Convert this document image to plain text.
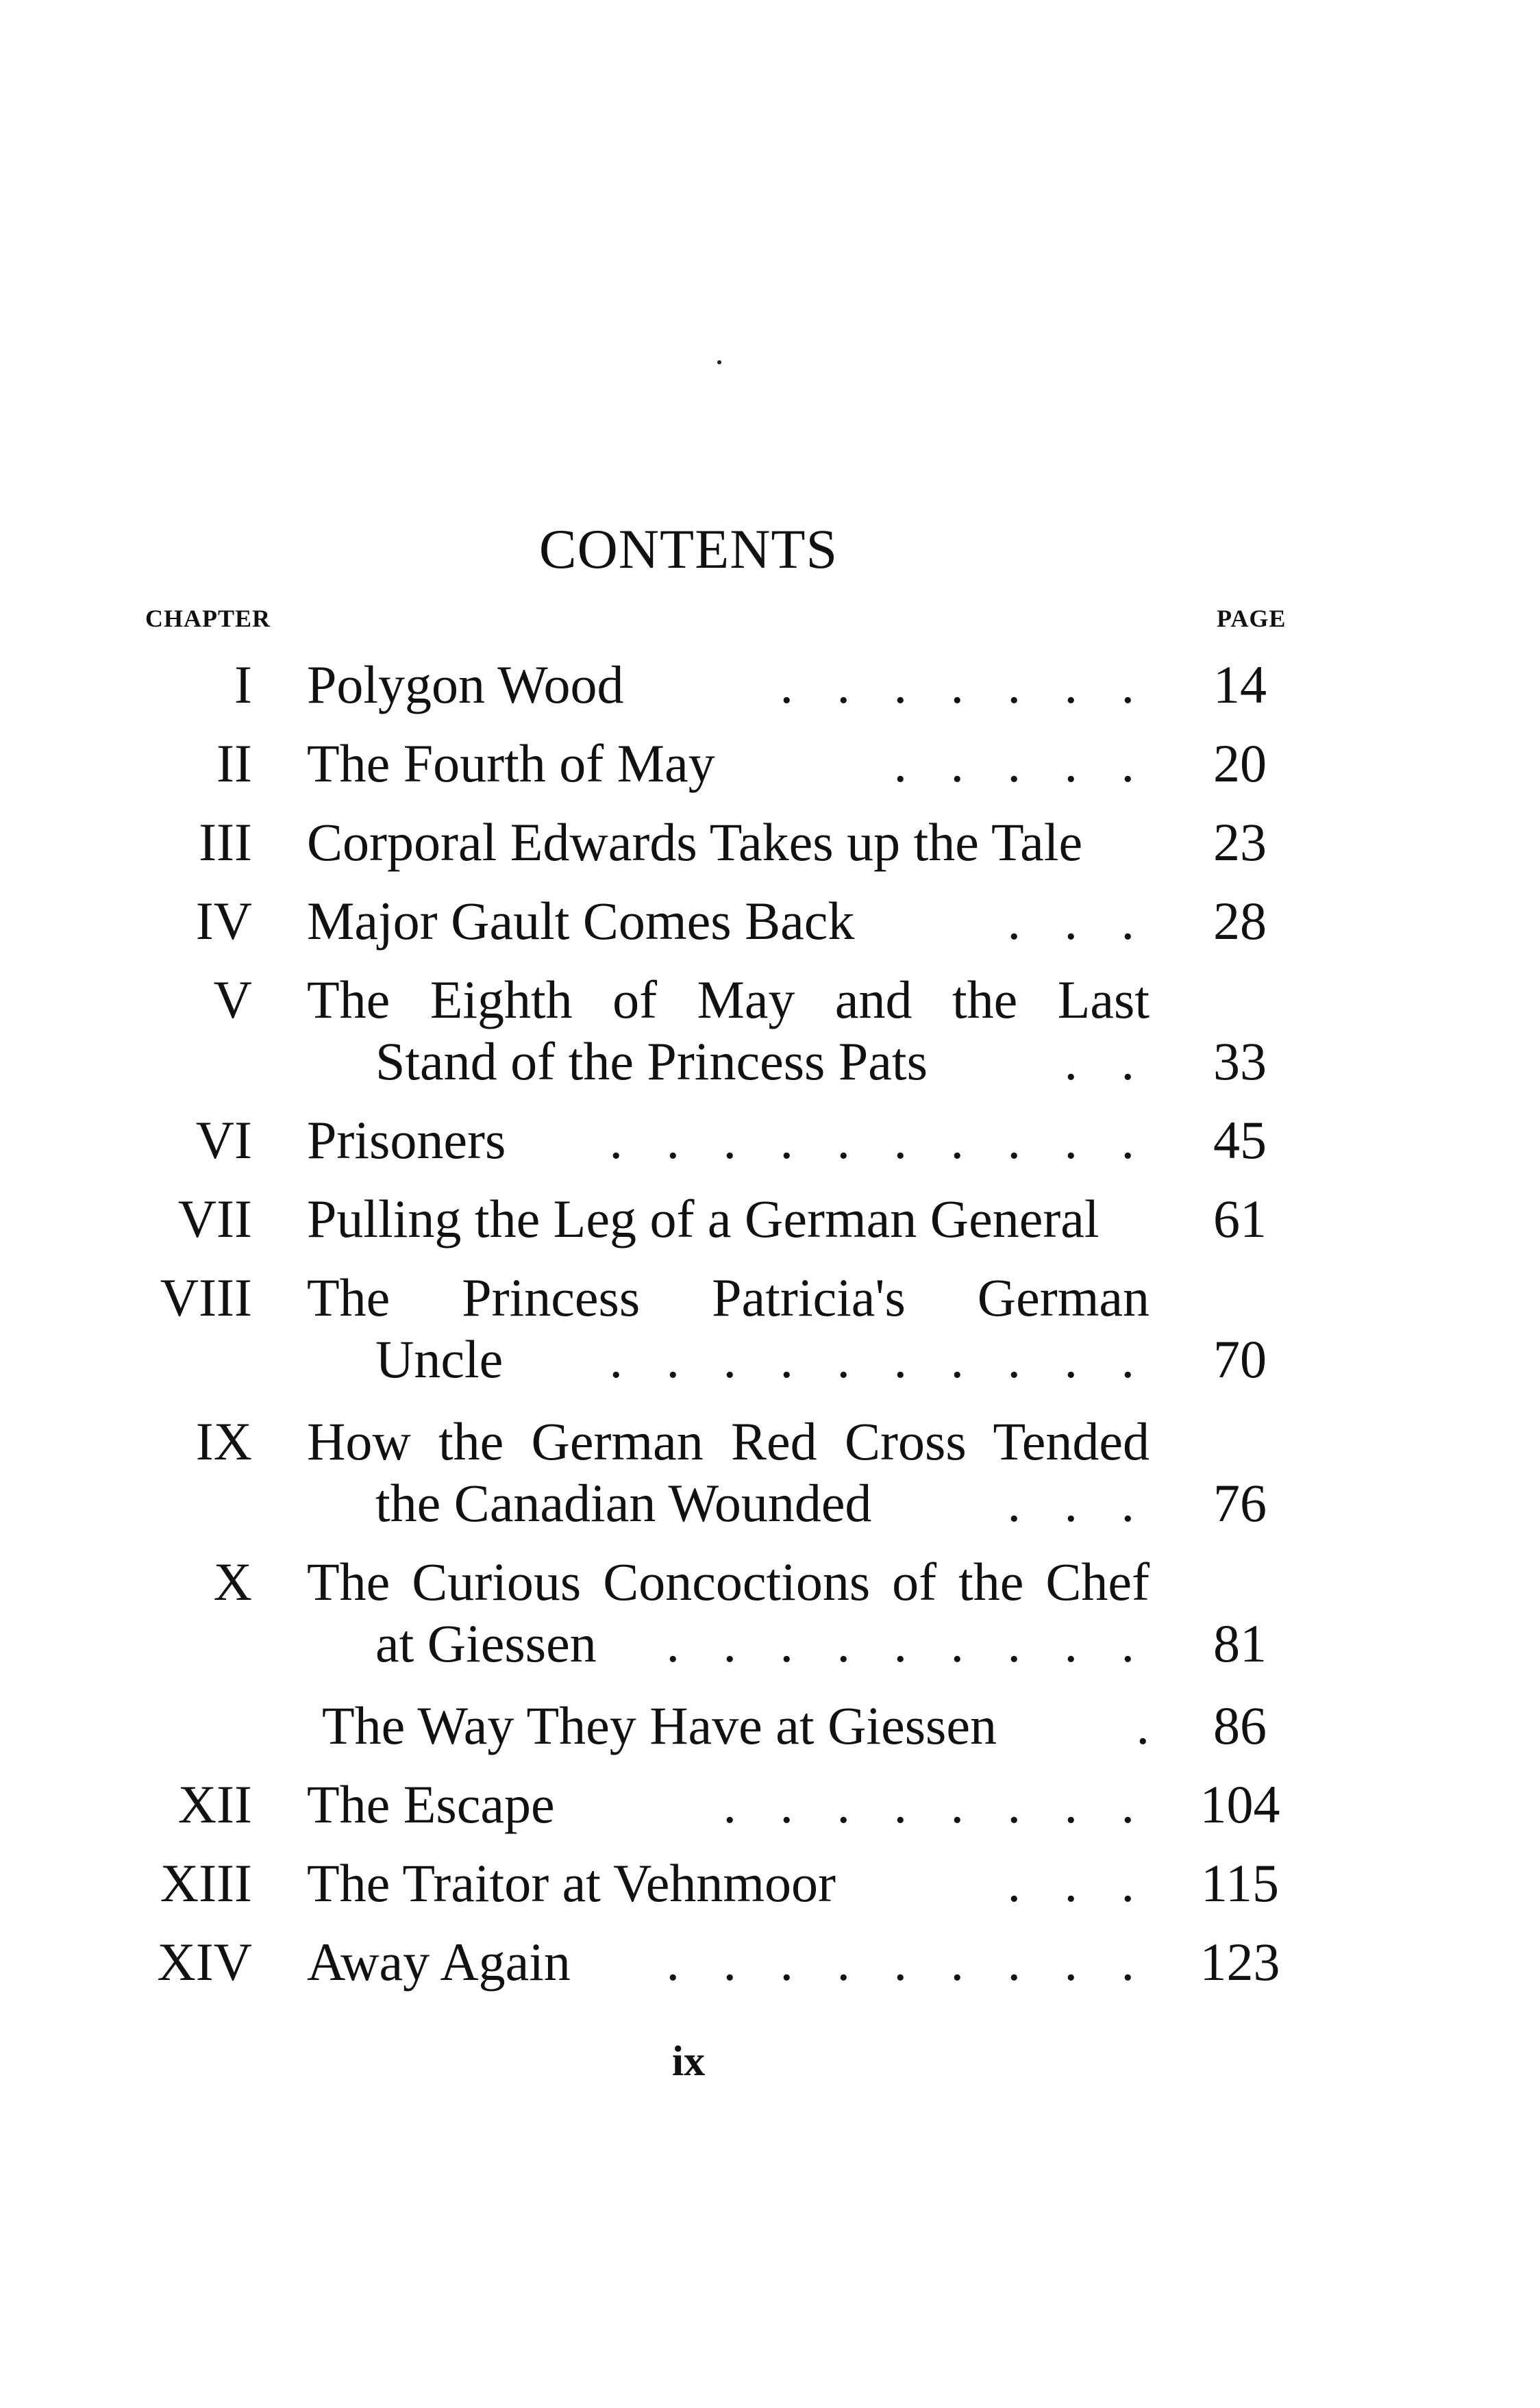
CONTENTS
CHAPTER	PAGE
I Polygon Wood	. . . . . . .	14
II The Fourth of May	. . . . .	20
III Corporal Edwards Takes up the Tale	23
IV Major Gault Comes Back	. . .	28
V The Eighth of May and the Last
Stand of the Princess Pats	. .	33
VI Prisoners . . . . . . . . . .	45
VII Pulling the Leg of a German General	61
VIII The Princess Patricia's German
Uncle . . . . . . . . . .	70
IX How the German Red Cross Tended
the Canadian Wounded	. . .	76
X The Curious Concoctions of the Chef
at Giessen . . . . . . . . .	81
The Way They Have at Giessen	. 86
XII The Escape	. . . . . . . . 104
XIII The Traitor at Vehnmoor	. . . 115
XIV Away Again . . . . . . . . . 123
ix
